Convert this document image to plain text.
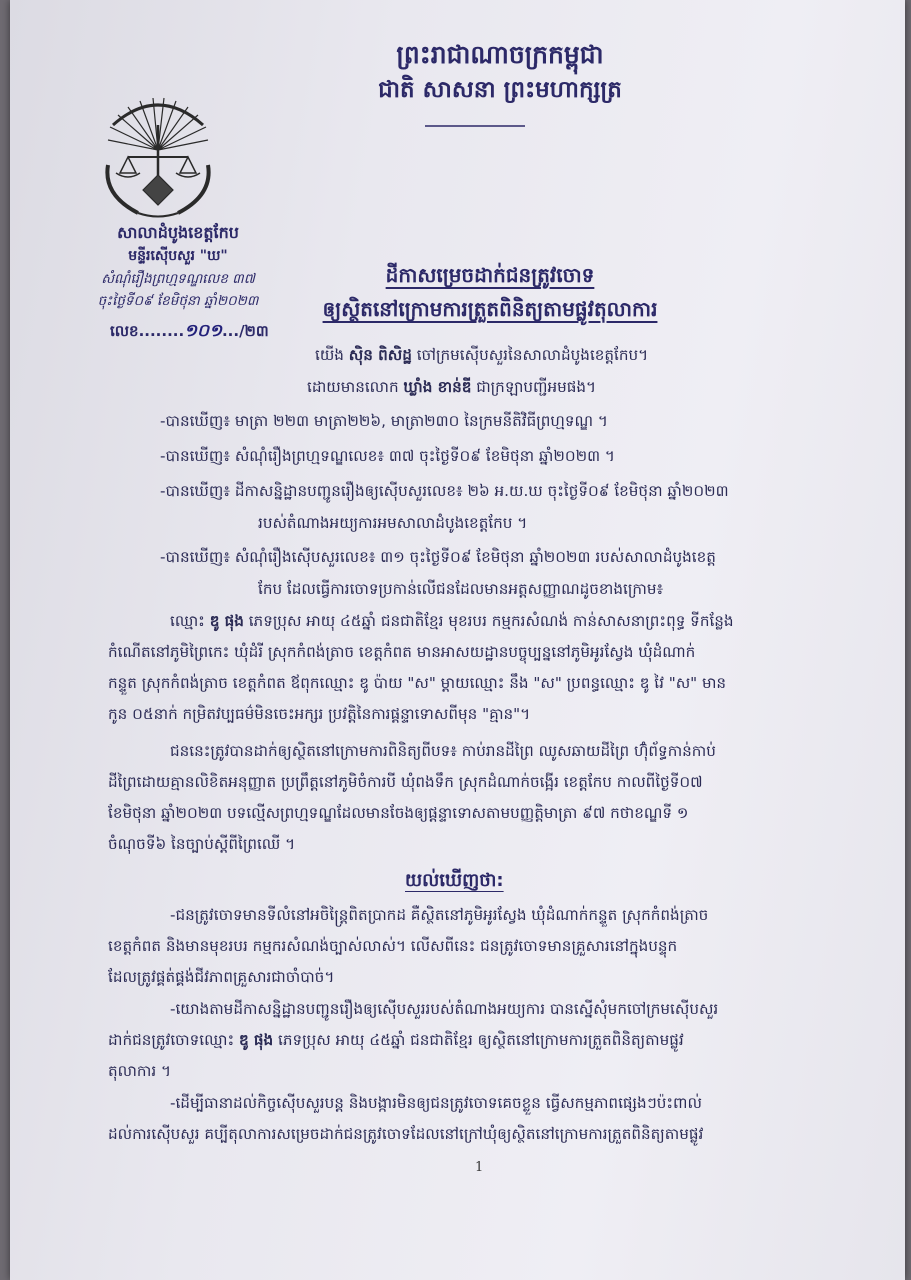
ព្រះរាជាណាចក្រកម្ពុជា
ជាតិ សាសនា ព្រះមហាក្សត្រ
សាលាដំបូងខេត្តកែប
មន្ទីរស៊ើបសួរ "ឃ"
សំណុំរឿងព្រហ្មទណ្ឌលេខ ៣៧
ចុះថ្ងៃទី០៩ ខែមិថុនា ឆ្នាំ២០២៣
លេខ........១០១.../២៣
ដីកាសម្រេចដាក់ជនត្រូវចោទ
ឲ្យស្ថិតនៅក្រោមការត្រួតពិនិត្យតាមផ្លូវតុលាការ
យើង ស៊ិន ពិសិដ្ឋ ចៅក្រមស៊ើបសួរនៃសាលាដំបូងខេត្តកែប។
ដោយមានលោក ឃ្លាំង ខាន់ឌី ជាក្រឡាបញ្ជីអមផង។
-បានឃើញ៖ មាត្រា ២២៣ មាត្រា២២៦, មាត្រា២៣០ នៃក្រមនីតិវិធីព្រហ្មទណ្ឌ ។
-បានឃើញ៖ សំណុំរឿងព្រហ្មទណ្ឌលេខ៖ ៣៧ ចុះថ្ងៃទី០៩ ខែមិថុនា ឆ្នាំ២០២៣ ។
-បានឃើញ៖ ដីកាសន្និដ្ឋានបញ្ជូនរឿងឲ្យស៊ើបសួរលេខ៖ ២៦ អ.យ.ឃ ចុះថ្ងៃទី០៩ ខែមិថុនា ឆ្នាំ២០២៣
របស់តំណាងអយ្យការអមសាលាដំបូងខេត្តកែប ។
-បានឃើញ៖ សំណុំរឿងស៊ើបសួរលេខ៖ ៣១ ចុះថ្ងៃទី០៩ ខែមិថុនា ឆ្នាំ២០២៣ របស់សាលាដំបូងខេត្ត
កែប ដែលធ្វើការចោទប្រកាន់លើជនដែលមានអត្តសញ្ញាណដូចខាងក្រោម៖
ឈ្មោះ ឌូ ផុង ភេទប្រុស អាយុ ៤៥ឆ្នាំ ជនជាតិខ្មែរ មុខរបរ កម្មករសំណង់ កាន់សាសនាព្រះពុទ្ធ ទីកន្លែង
កំណើតនៅភូមិព្រៃកេះ ឃុំដំរី ស្រុកកំពង់ត្រាច ខេត្តកំពត មានអាសយដ្ឋានបច្ចុប្បន្ននៅភូមិអូរស្វែង ឃុំដំណាក់
កន្ទួត ស្រុកកំពង់ត្រាច ខេត្តកំពត ឪពុកឈ្មោះ ឌូ ប៉ាយ "ស" ម្ដាយឈ្មោះ នឹង "ស" ប្រពន្ធឈ្មោះ ឌូ វៃ "ស" មាន
កូន ០៥នាក់ កម្រិតវប្បធម៌មិនចេះអក្សរ ប្រវត្តិនៃការផ្ដន្ទាទោសពីមុន "គ្មាន"។
ជននេះត្រូវបានដាក់ឲ្យស្ថិតនៅក្រោមការពិនិត្យពីបទ៖ កាប់រានដីព្រៃ ឈូសឆាយដីព្រៃ ហ៊ុំព័ទ្ធកាន់កាប់
ដីព្រៃដោយគ្មានលិខិតអនុញ្ញាត ប្រព្រឹត្តនៅភូមិចំការបី ឃុំពងទឹក ស្រុកដំណាក់ចង្អើរ ខេត្តកែប កាលពីថ្ងៃទី០៧
ខែមិថុនា ឆ្នាំ២០២៣ បទល្មើសព្រហ្មទណ្ឌដែលមានចែងឲ្យផ្ដន្ទាទោសតាមបញ្ញត្តិមាត្រា ៩៧ កថាខណ្ឌទី ១
ចំណុចទី៦ នៃច្បាប់ស្ដីពីព្រៃឈើ ។
យល់ឃើញថា:
-ជនត្រូវចោទមានទីលំនៅអចិន្ត្រៃពិតប្រាកដ គឺស្ថិតនៅភូមិអូរស្វែង ឃុំដំណាក់កន្ទួត ស្រុកកំពង់ត្រាច
ខេត្តកំពត និងមានមុខរបរ កម្មករសំណង់ច្បាស់លាស់។ លើសពីនេះ ជនត្រូវចោទមានគ្រួសារនៅក្នុងបន្ទុក
ដែលត្រូវផ្គត់ផ្គង់ជីវភាពគ្រួសារជាចាំបាច់។
-យោងតាមដីកាសន្និដ្ឋានបញ្ជូនរឿងឲ្យស៊ើបសួររបស់តំណាងអយ្យការ បានស្នើសុំមកចៅក្រមស៊ើបសួរ
ដាក់ជនត្រូវចោទឈ្មោះ ឌូ ផុង ភេទប្រុស អាយុ ៤៥ឆ្នាំ ជនជាតិខ្មែរ ឲ្យស្ថិតនៅក្រោមការត្រួតពិនិត្យតាមផ្លូវ
តុលាការ ។
-ដើម្បីធានាដល់កិច្ចស៊ើបសួរបន្ត និងបង្ការមិនឲ្យជនត្រូវចោទគេចខ្លួន ធ្វើសកម្មភាពផ្សេងៗប៉ះពាល់
ដល់ការស៊ើបសួរ គប្បីតុលាការសម្រេចដាក់ជនត្រូវចោទដែលនៅក្រៅឃុំឲ្យស្ថិតនៅក្រោមការត្រួតពិនិត្យតាមផ្លូវ
1
